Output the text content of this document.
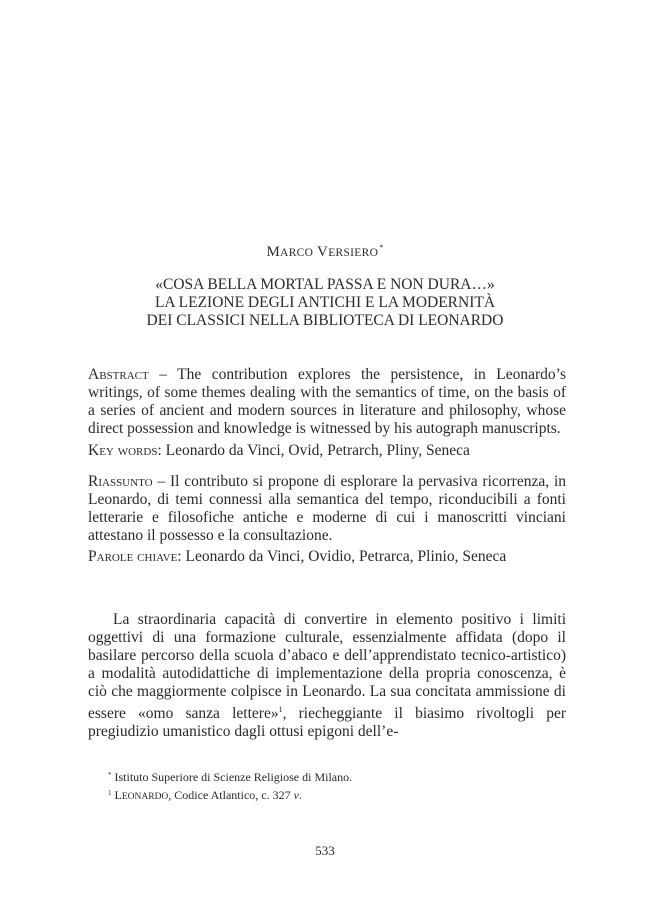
MARCO VERSIERO*
«COSA BELLA MORTAL PASSA E NON DURA…»
LA LEZIONE DEGLI ANTICHI E LA MODERNITÀ
DEI CLASSICI NELLA BIBLIOTECA DI LEONARDO
Abstract – The contribution explores the persistence, in Leonardo’s writings, of some themes dealing with the semantics of time, on the basis of a series of ancient and modern sources in literature and philosophy, whose direct possession and knowledge is witnessed by his autograph manuscripts.
Key words: Leonardo da Vinci, Ovid, Petrarch, Pliny, Seneca
Riassunto – Il contributo si propone di esplorare la pervasiva ricorrenza, in Leonardo, di temi connessi alla semantica del tempo, riconducibili a fonti letterarie e filosofiche antiche e moderne di cui i manoscritti vinciani attestano il possesso e la consultazione.
Parole chiave: Leonardo da Vinci, Ovidio, Petrarca, Plinio, Seneca
La straordinaria capacità di convertire in elemento positivo i limiti oggettivi di una formazione culturale, essenzialmente affidata (dopo il basilare percorso della scuola d’abaco e dell’apprendistato tecnico-artistico) a modalità autodidattiche di implementazione della propria conoscenza, è ciò che maggiormente colpisce in Leonardo. La sua concitata ammissione di essere «omo sanza lettere»$^1$, riecheggiante il biasimo rivoltogli per pregiudizio umanistico dagli ottusi epigoni dell’e-
* Istituto Superiore di Scienze Religiose di Milano.
$^1$ LEONARDO, Codice Atlantico, c. 327 v.
533
